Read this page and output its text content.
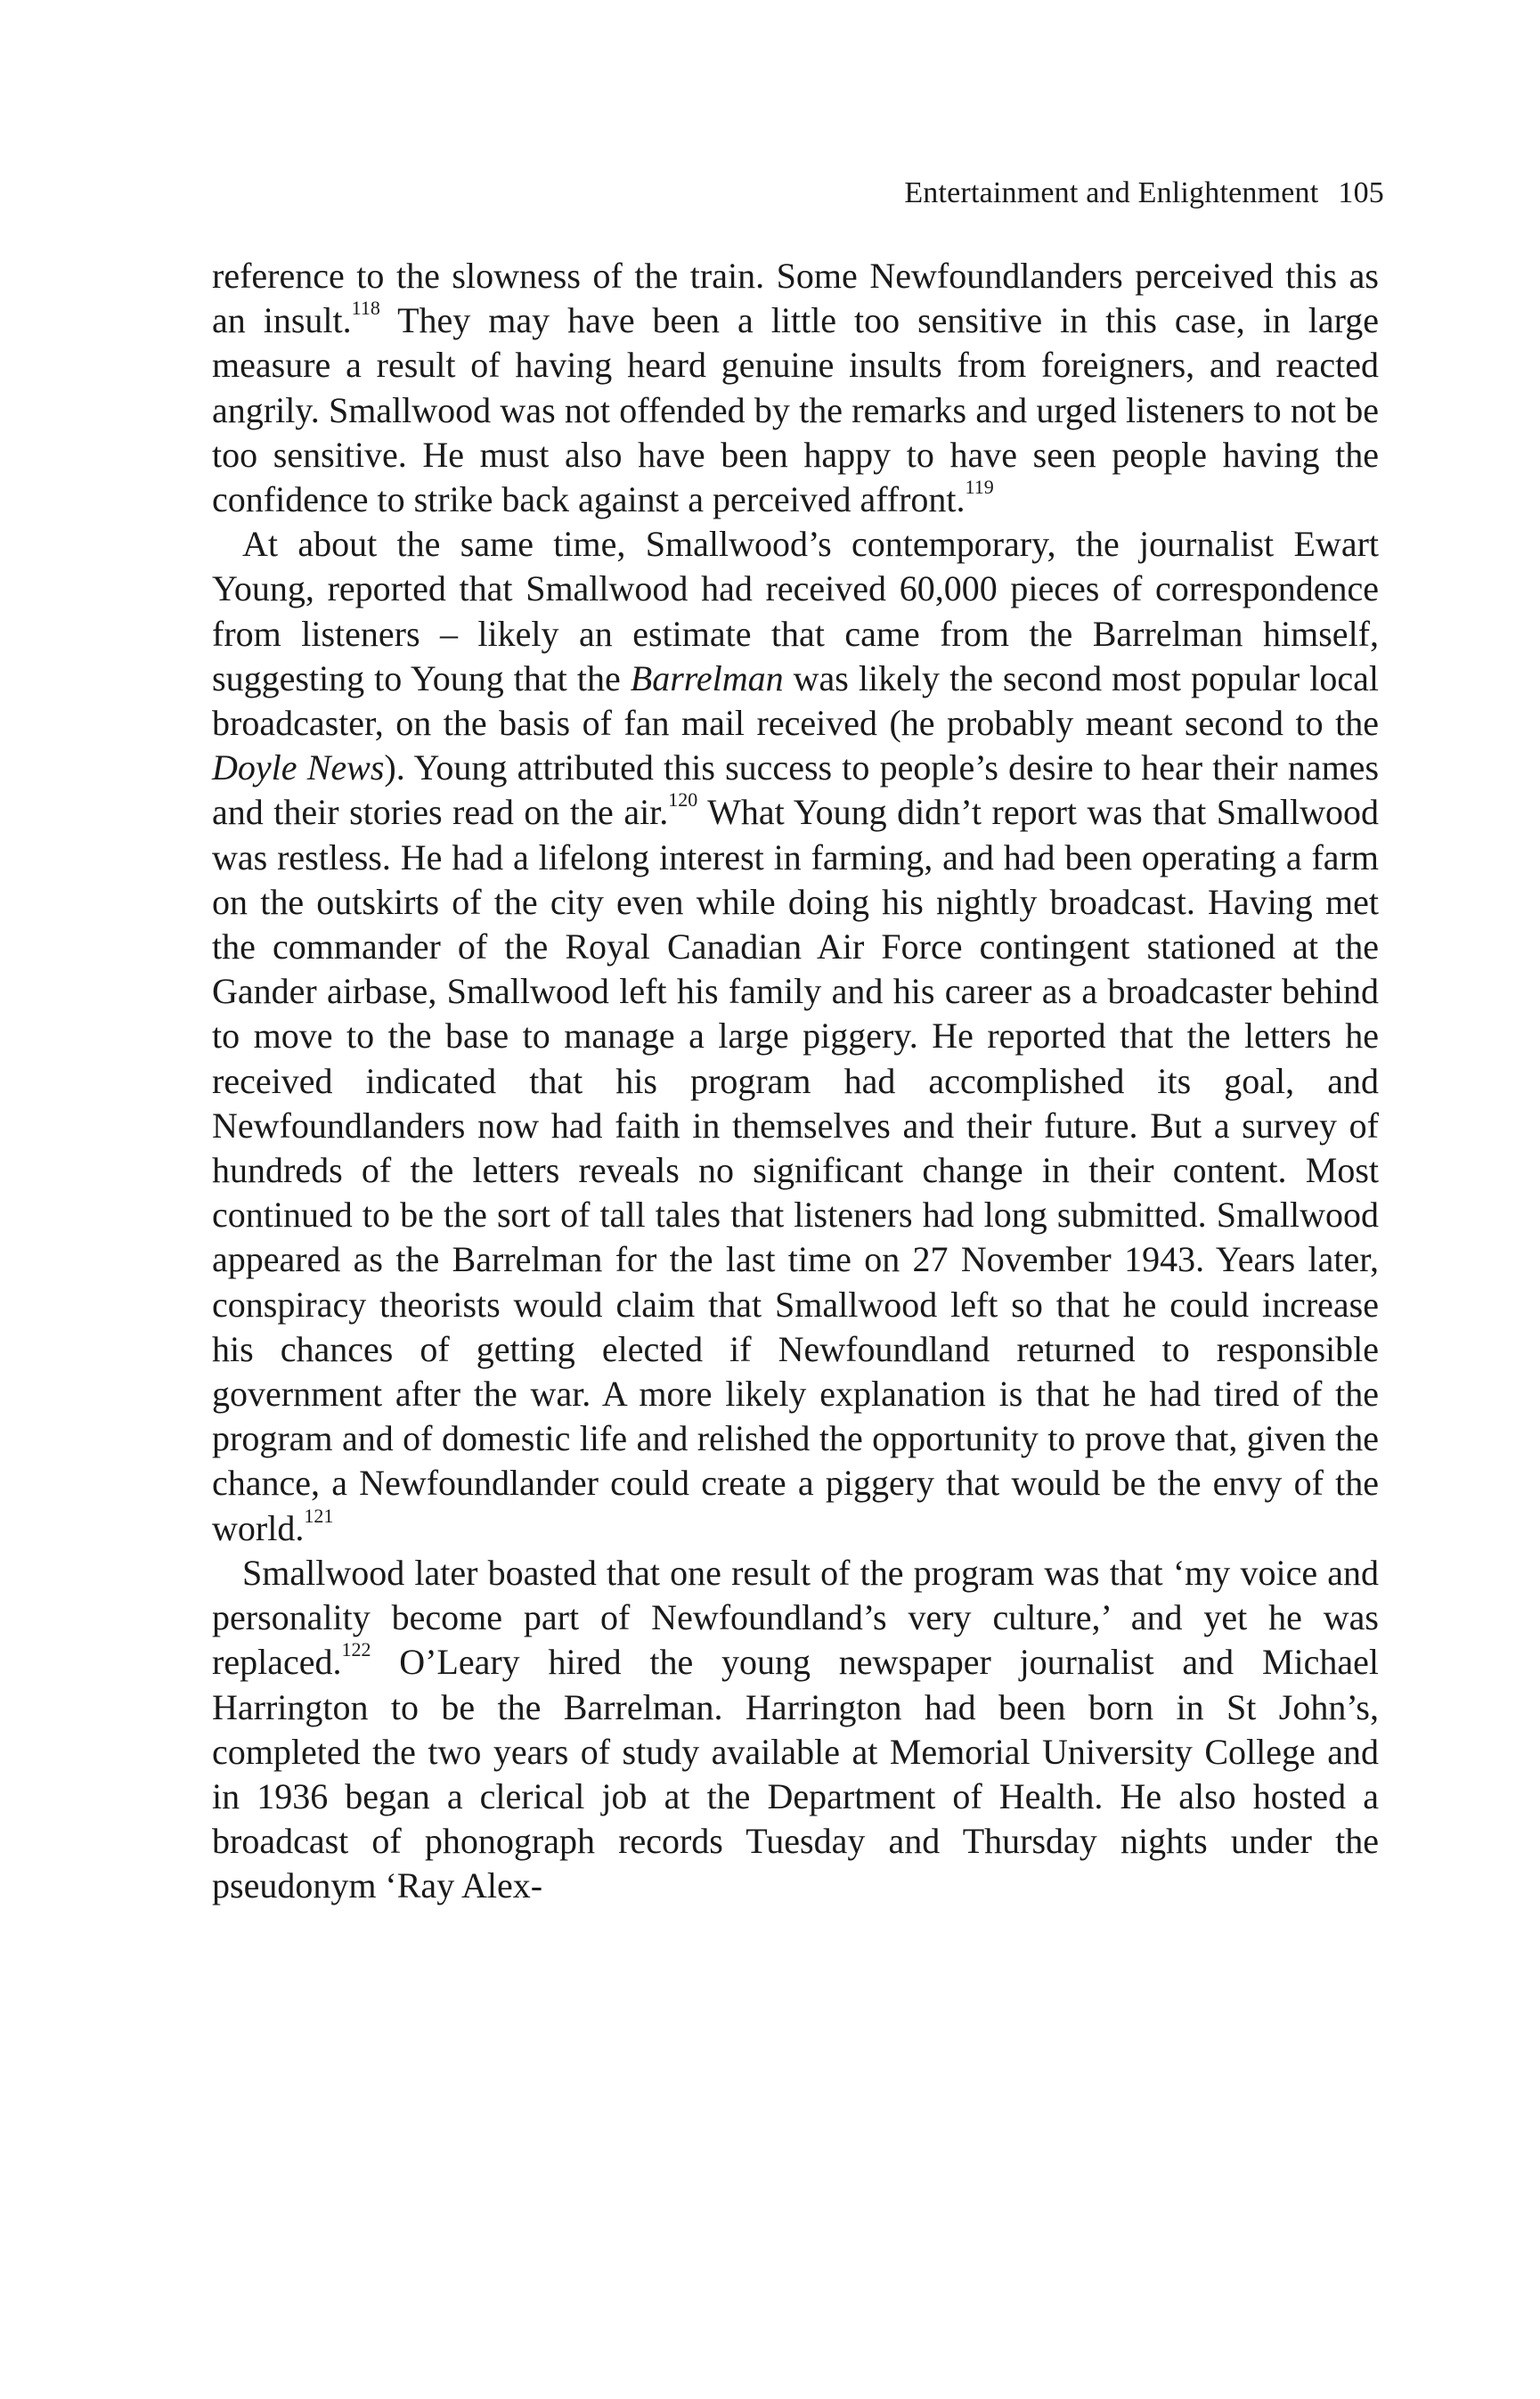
Entertainment and Enlightenment 105

reference to the slowness of the train. Some Newfoundlanders perceived this as an insult.$^{118}$ They may have been a little too sensitive in this case, in large measure a result of having heard genuine insults from foreigners, and reacted angrily. Smallwood was not offended by the remarks and urged listeners to not be too sensitive. He must also have been happy to have seen people having the confidence to strike back against a perceived affront.$^{119}$

At about the same time, Smallwood’s contemporary, the journalist Ewart Young, reported that Smallwood had received 60,000 pieces of correspondence from listeners – likely an estimate that came from the Barrelman himself, suggesting to Young that the Barrelman was likely the second most popular local broadcaster, on the basis of fan mail received (he probably meant second to the Doyle News). Young attributed this success to people’s desire to hear their names and their stories read on the air.$^{120}$ What Young didn’t report was that Smallwood was restless. He had a lifelong interest in farming, and had been operating a farm on the outskirts of the city even while doing his nightly broadcast. Having met the commander of the Royal Canadian Air Force contingent stationed at the Gander airbase, Smallwood left his family and his career as a broadcaster behind to move to the base to manage a large piggery. He reported that the letters he received indicated that his program had accomplished its goal, and Newfoundlanders now had faith in themselves and their future. But a survey of hundreds of the letters reveals no significant change in their content. Most continued to be the sort of tall tales that listeners had long submitted. Smallwood appeared as the Barrelman for the last time on 27 November 1943. Years later, conspiracy theorists would claim that Smallwood left so that he could increase his chances of getting elected if Newfoundland returned to responsible government after the war. A more likely explanation is that he had tired of the program and of domestic life and relished the opportunity to prove that, given the chance, a Newfoundlander could create a piggery that would be the envy of the world.$^{121}$

Smallwood later boasted that one result of the program was that ‘my voice and personality become part of Newfoundland’s very culture,’ and yet he was replaced.$^{122}$ O’Leary hired the young newspaper journalist and Michael Harrington to be the Barrelman. Harrington had been born in St John’s, completed the two years of study available at Memorial University College and in 1936 began a clerical job at the Department of Health. He also hosted a broadcast of phonograph records Tuesday and Thursday nights under the pseudonym ‘Ray Alex-
